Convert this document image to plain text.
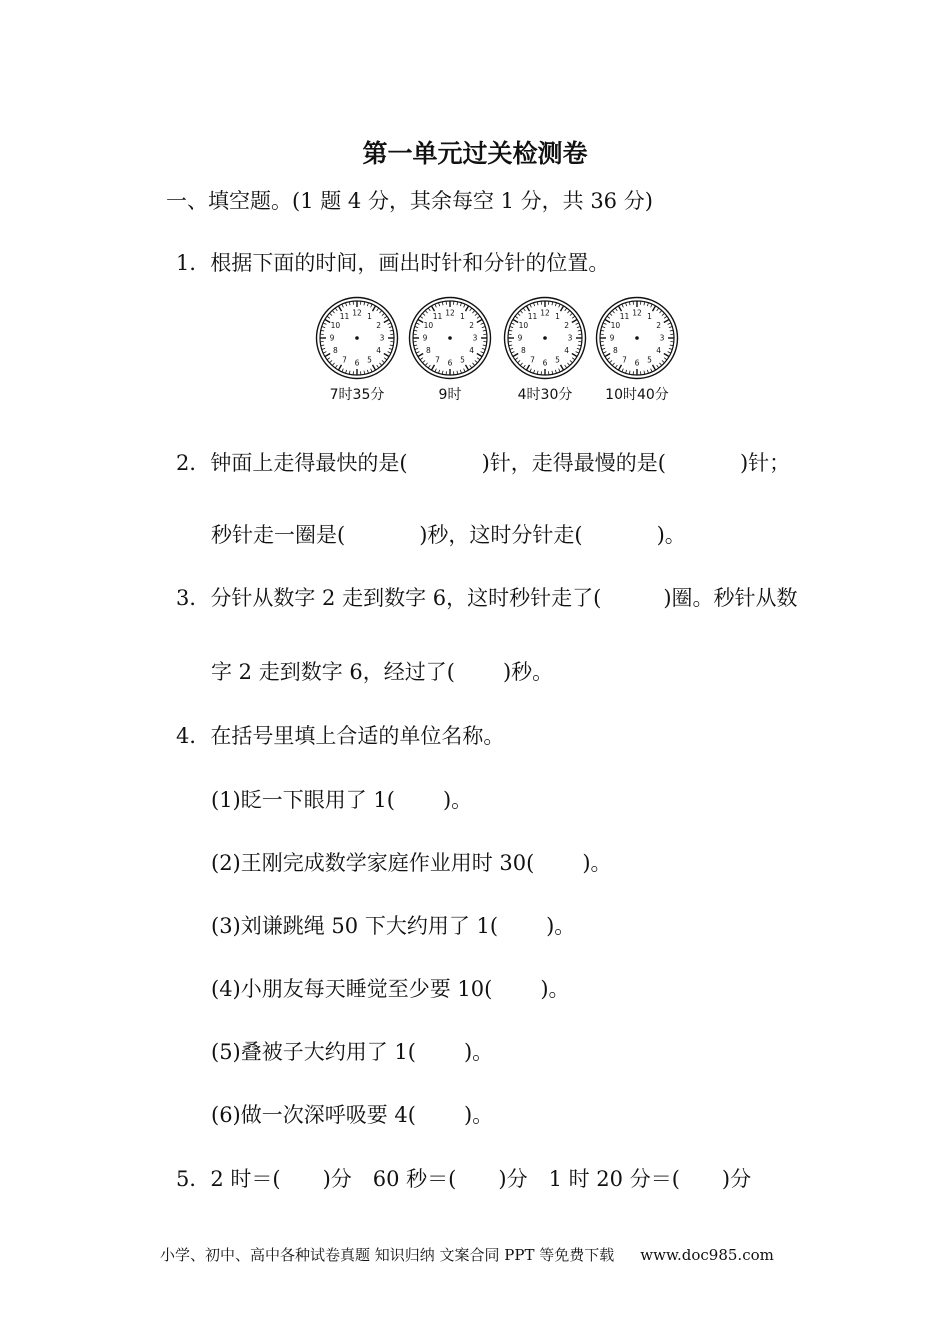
第一单元过关检测卷
一、填空题。(1 题 4 分，其余每空 1 分，共 36 分)
1．根据下面的时间，画出时针和分针的位置。
12 1
2
3
4
5
6
7
8
9
10
11
7时35分
12 1
2
3
4
5
6
7
8
9
10
11
9时
12 1
2
3
4
5
6
7
8
9
10
11
4时30分
12 1
2
3
4
5
6
7
8
9
10
11
10时40分
2．钟面上走得最快的是(	)针，走得最慢的是(	)针；
秒针走一圈是(	)秒，这时分针走(	)。
3．分针从数字 2 走到数字 6，这时秒针走了(	)圈。秒针从数
字 2 走到数字 6，经过了( )秒。
4．在括号里填上合适的单位名称。
(1)眨一下眼用了 1( )。
(2)王刚完成数学家庭作业用时 30( )。
(3)刘谦跳绳 50 下大约用了 1( )。
(4)小朋友每天睡觉至少要 10( )。
(5)叠被子大约用了 1( )。
(6)做一次深呼吸要 4( )。
5．2 时＝( )分　60 秒＝( )分　1 时 20 分＝( )分
小学、初中、高中各种试卷真题 知识归纳 文案合同 PPT 等免费下载 www.doc985.com
